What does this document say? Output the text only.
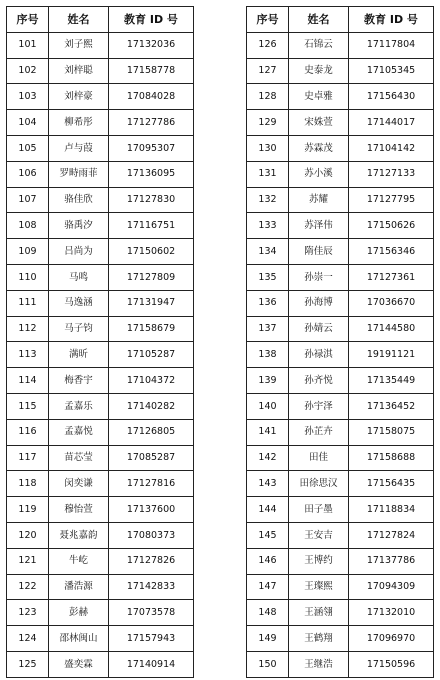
序号	姓名	教育 ID 号
101	刘子熙	17132036
102	刘梓聪	17158778
103	刘梓豪	17084028
104	柳希彤	17127786
105	卢与葭	17095307
106	罗畤雨菲	17136095
107	骆佳欣	17127830
108	骆禹汐	17116751
109	吕尚为	17150602
110	马鸣	17127809
111	马逸涵	17131947
112	马子钧	17158679
113	满昕	17105287
114	梅香宇	17104372
115	孟嘉乐	17140282
116	孟嘉悦	17126805
117	苗芯莹	17085287
118	闵奕谦	17127816
119	穆怡萱	17137600
120	聂兆嘉韵	17080373
121	牛屹	17127826
122	潘浩源	17142833
123	彭赫	17073578
124	邵林闽山	17157943
125	盛奕霖	17140914
序号	姓名	教育 ID 号
126	石锦云	17117804
127	史泰龙	17105345
128	史卓雅	17156430
129	宋姝萱	17144017
130	苏霖茂	17104142
131	苏小溪	17127133
132	苏耀	17127795
133	苏泽伟	17150626
134	隋佳辰	17156346
135	孙崇一	17127361
136	孙海博	17036670
137	孙婧云	17144580
138	孙禄淇	19191121
139	孙齐悦	17135449
140	孙宇泽	17136452
141	孙芷卉	17158075
142	田佳	17158688
143	田徐思汉	17156435
144	田子墨	17118834
145	王安吉	17127824
146	王博约	17137786
147	王璨熙	17094309
148	王涵翎	17132010
149	王鹤翔	17096970
150	王继浩	17150596
